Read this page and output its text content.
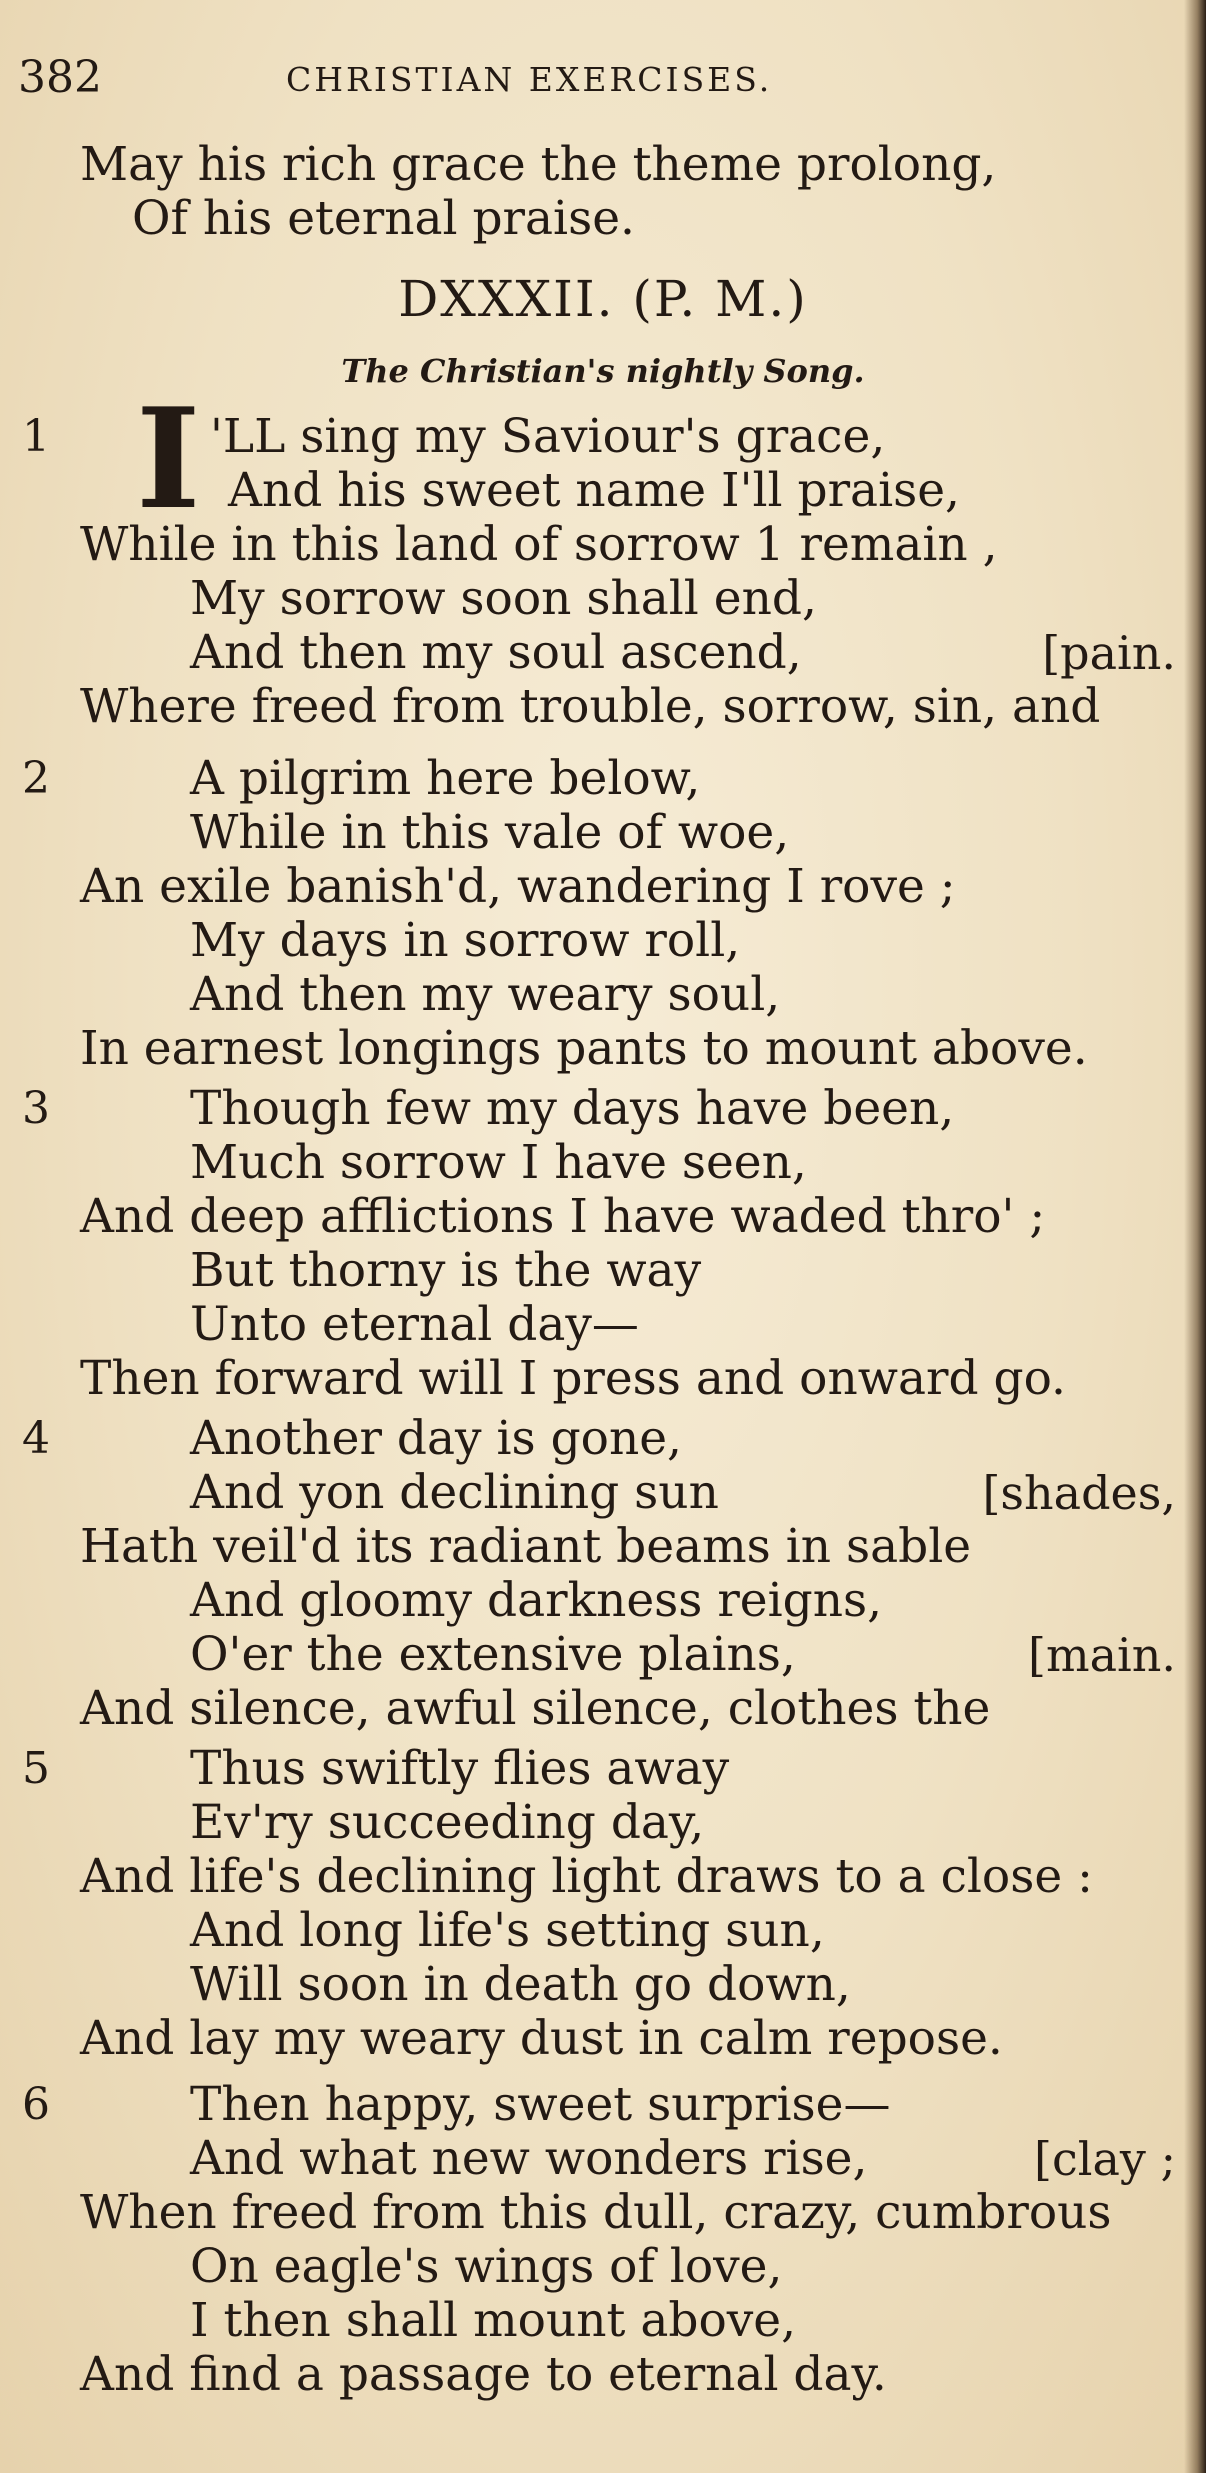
382	CHRISTIAN EXERCISES.
May his rich grace the theme prolong,
Of his eternal praise.
DXXXII. (P. M.)
The Christian's nightly Song.
I
1	'LL sing my Saviour's grace,
And his sweet name I'll praise,
While in this land of sorrow 1 remain ,
My sorrow soon shall end,
And then my soul ascend,	[pain.
Where freed from trouble, sorrow, sin, and
2	A pilgrim here below,
While in this vale of woe,
An exile banish'd, wandering I rove ;
My days in sorrow roll,
And then my weary soul,
In earnest longings pants to mount above.
3	Though few my days have been,
Much sorrow I have seen,
And deep afflictions I have waded thro' ;
But thorny is the way
Unto eternal day—
Then forward will I press and onward go.
4	Another day is gone,
And yon declining sun	[shades,
Hath veil'd its radiant beams in sable
And gloomy darkness reigns,
O'er the extensive plains,	[main.
And silence, awful silence, clothes the
5	Thus swiftly flies away
Ev'ry succeeding day,
And life's declining light draws to a close :
And long life's setting sun,
Will soon in death go down,
And lay my weary dust in calm repose.
6	Then happy, sweet surprise—
And what new wonders rise,	[clay ;
When freed from this dull, crazy, cumbrous
On eagle's wings of love,
I then shall mount above,
And find a passage to eternal day.
